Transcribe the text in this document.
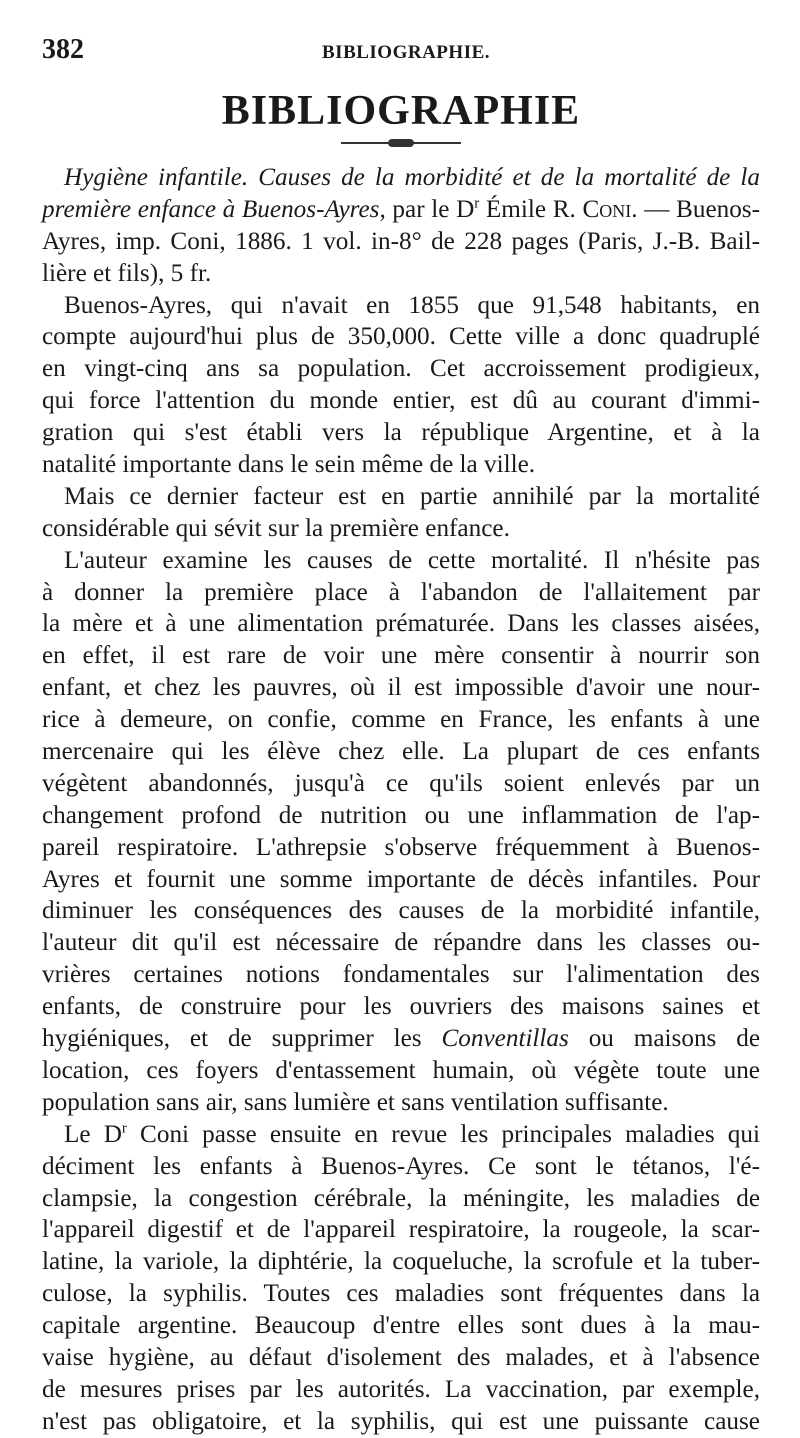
382	BIBLIOGRAPHIE.
BIBLIOGRAPHIE
Hygiène infantile. Causes de la morbidité et de la mortalité de la
première enfance à Buenos-Ayres, par le $D^r$ Émile R. Coni. — Buenos-
Ayres, imp. Coni, 1886. 1 vol. in-8° de 228 pages (Paris, J.-B. Bail-
lière et fils), 5 fr.
Buenos-Ayres, qui n'avait en 1855 que 91,548 habitants, en
compte aujourd'hui plus de 350,000. Cette ville a donc quadruplé
en vingt-cinq ans sa population. Cet accroissement prodigieux,
qui force l'attention du monde entier, est dû au courant d'immi-
gration qui s'est établi vers la république Argentine, et à la
natalité importante dans le sein même de la ville.
Mais ce dernier facteur est en partie annihilé par la mortalité
considérable qui sévit sur la première enfance.
L'auteur examine les causes de cette mortalité. Il n'hésite pas
à donner la première place à l'abandon de l'allaitement par
la mère et à une alimentation prématurée. Dans les classes aisées,
en effet, il est rare de voir une mère consentir à nourrir son
enfant, et chez les pauvres, où il est impossible d'avoir une nour-
rice à demeure, on confie, comme en France, les enfants à une
mercenaire qui les élève chez elle. La plupart de ces enfants
végètent abandonnés, jusqu'à ce qu'ils soient enlevés par un
changement profond de nutrition ou une inflammation de l'ap-
pareil respiratoire. L'athrepsie s'observe fréquemment à Buenos-
Ayres et fournit une somme importante de décès infantiles. Pour
diminuer les conséquences des causes de la morbidité infantile,
l'auteur dit qu'il est nécessaire de répandre dans les classes ou-
vrières certaines notions fondamentales sur l'alimentation des
enfants, de construire pour les ouvriers des maisons saines et
hygiéniques, et de supprimer les Conventillas ou maisons de
location, ces foyers d'entassement humain, où végète toute une
population sans air, sans lumière et sans ventilation suffisante.
Le $D^r$ Coni passe ensuite en revue les principales maladies qui
déciment les enfants à Buenos-Ayres. Ce sont le tétanos, l'é-
clampsie, la congestion cérébrale, la méningite, les maladies de
l'appareil digestif et de l'appareil respiratoire, la rougeole, la scar-
latine, la variole, la diphtérie, la coqueluche, la scrofule et la tuber-
culose, la syphilis. Toutes ces maladies sont fréquentes dans la
capitale argentine. Beaucoup d'entre elles sont dues à la mau-
vaise hygiène, au défaut d'isolement des malades, et à l'absence
de mesures prises par les autorités. La vaccination, par exemple,
n'est pas obligatoire, et la syphilis, qui est une puissante cause
